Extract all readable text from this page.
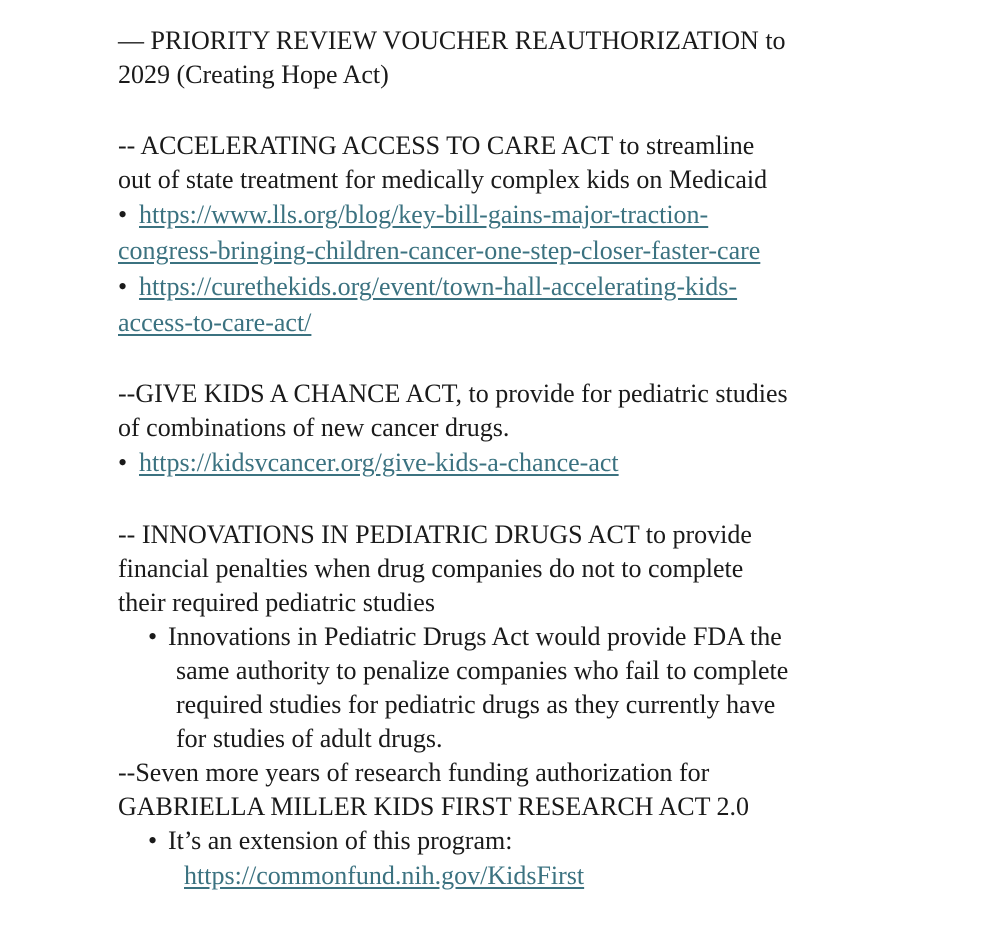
— PRIORITY REVIEW VOUCHER REAUTHORIZATION to

2029 (Creating Hope Act)

-- ACCELERATING ACCESS TO CARE ACT to streamline

out of state treatment for medically complex kids on Medicaid

• https://www.lls.org/blog/key-bill-gains-major-traction-
congress-bringing-children-cancer-one-step-closer-faster-care
• https://curethekids.org/event/town-hall-accelerating-kids-
access-to-care-act/

--GIVE KIDS A CHANCE ACT, to provide for pediatric studies

of combinations of new cancer drugs.

• https://kidsvcancer.org/give-kids-a-chance-act

-- INNOVATIONS IN PEDIATRIC DRUGS ACT to provide

financial penalties when drug companies do not to complete

their required pediatric studies

• Innovations in Pediatric Drugs Act would provide FDA the
same authority to penalize companies who fail to complete
required studies for pediatric drugs as they currently have
for studies of adult drugs.

--Seven more years of research funding authorization for

GABRIELLA MILLER KIDS FIRST RESEARCH ACT 2.0

• It’s an extension of this program:
https://commonfund.nih.gov/KidsFirst
